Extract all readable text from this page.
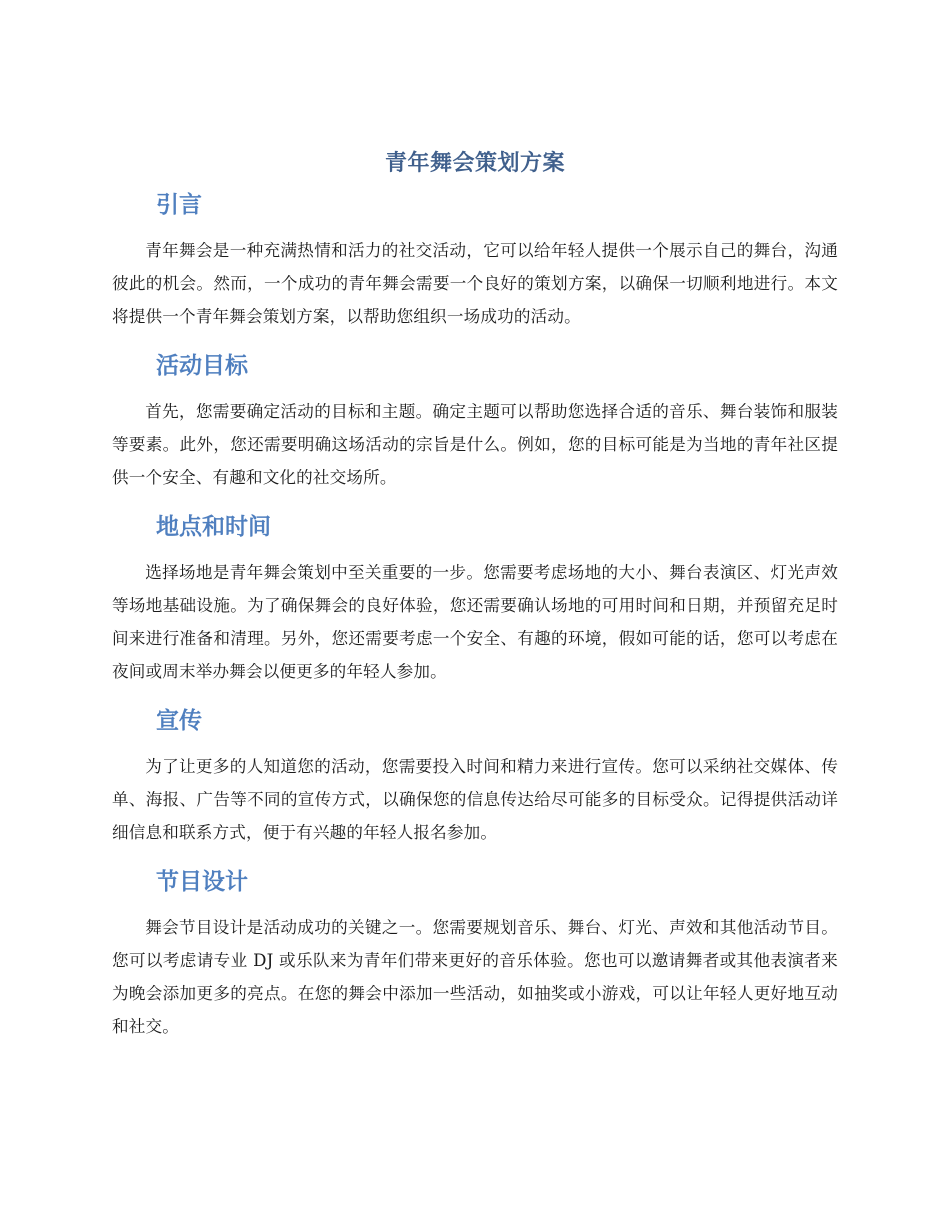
青年舞会策划方案
引言

青年舞会是一种充满热情和活力的社交活动，它可以给年轻人提供一个展示自己的舞台，沟通彼此的机会。然而，一个成功的青年舞会需要一个良好的策划方案，以确保一切顺利地进行。本文将提供一个青年舞会策划方案，以帮助您组织一场成功的活动。

活动目标

首先，您需要确定活动的目标和主题。确定主题可以帮助您选择合适的音乐、舞台装饰和服装等要素。此外，您还需要明确这场活动的宗旨是什么。例如，您的目标可能是为当地的青年社区提供一个安全、有趣和文化的社交场所。

地点和时间

选择场地是青年舞会策划中至关重要的一步。您需要考虑场地的大小、舞台表演区、灯光声效等场地基础设施。为了确保舞会的良好体验，您还需要确认场地的可用时间和日期，并预留充足时间来进行准备和清理。另外，您还需要考虑一个安全、有趣的环境，假如可能的话，您可以考虑在夜间或周末举办舞会以便更多的年轻人参加。

宣传

为了让更多的人知道您的活动，您需要投入时间和精力来进行宣传。您可以采纳社交媒体、传单、海报、广告等不同的宣传方式，以确保您的信息传达给尽可能多的目标受众。记得提供活动详细信息和联系方式，便于有兴趣的年轻人报名参加。

节目设计

舞会节目设计是活动成功的关键之一。您需要规划音乐、舞台、灯光、声效和其他活动节目。您可以考虑请专业 DJ 或乐队来为青年们带来更好的音乐体验。您也可以邀请舞者或其他表演者来为晚会添加更多的亮点。在您的舞会中添加一些活动，如抽奖或小游戏，可以让年轻人更好地互动和社交。
